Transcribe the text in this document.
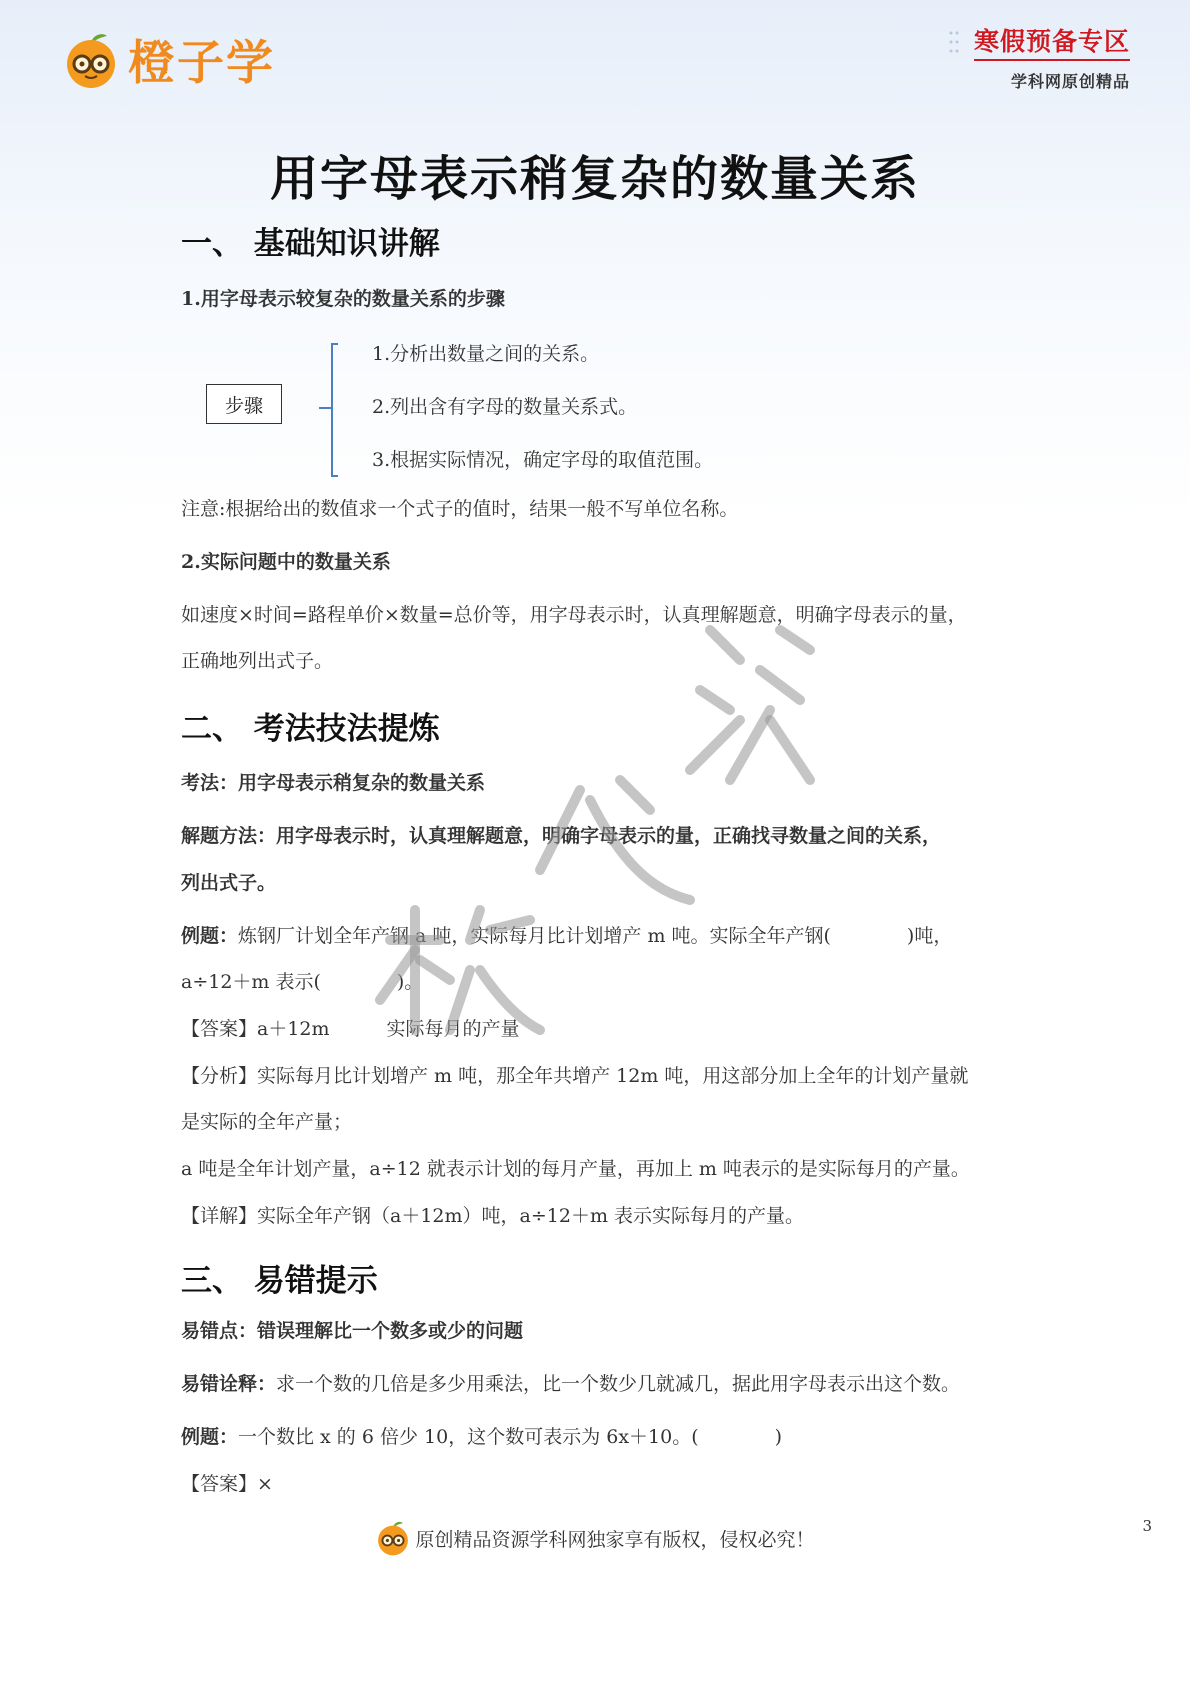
橙子学	寒假预备专区
学科网原创精品
用字母表示稍复杂的数量关系
一、 基础知识讲解
1.用字母表示较复杂的数量关系的步骤
步骤
1.分析出数量之间的关系。
2.列出含有字母的数量关系式。
3.根据实际情况，确定字母的取值范围。
注意:根据给出的数值求一个式子的值时，结果一般不写单位名称。
2.实际问题中的数量关系
如速度×时间=路程单价×数量=总价等，用字母表示时，认真理解题意，明确字母表示的量，
正确地列出式子。
二、 考法技法提炼
考法：用字母表示稍复杂的数量关系
解题方法：用字母表示时，认真理解题意，明确字母表示的量，正确找寻数量之间的关系，
列出式子。
例题：炼钢厂计划全年产钢 a 吨，实际每月比计划增产 m 吨。实际全年产钢(　　　　)吨，
a÷12＋m 表示(　　　　)。
【答案】a＋12m　　　实际每月的产量
【分析】实际每月比计划增产 m 吨，那全年共增产 12m 吨，用这部分加上全年的计划产量就
是实际的全年产量；
a 吨是全年计划产量，a÷12 就表示计划的每月产量，再加上 m 吨表示的是实际每月的产量。
【详解】实际全年产钢（a＋12m）吨，a÷12＋m 表示实际每月的产量。
三、 易错提示
易错点：错误理解比一个数多或少的问题
易错诠释：求一个数的几倍是多少用乘法，比一个数少几就减几，据此用字母表示出这个数。
例题：一个数比 x 的 6 倍少 10，这个数可表示为 6x＋10。(　　　　)
【答案】×
原创精品资源学科网独家享有版权，侵权必究！
3
